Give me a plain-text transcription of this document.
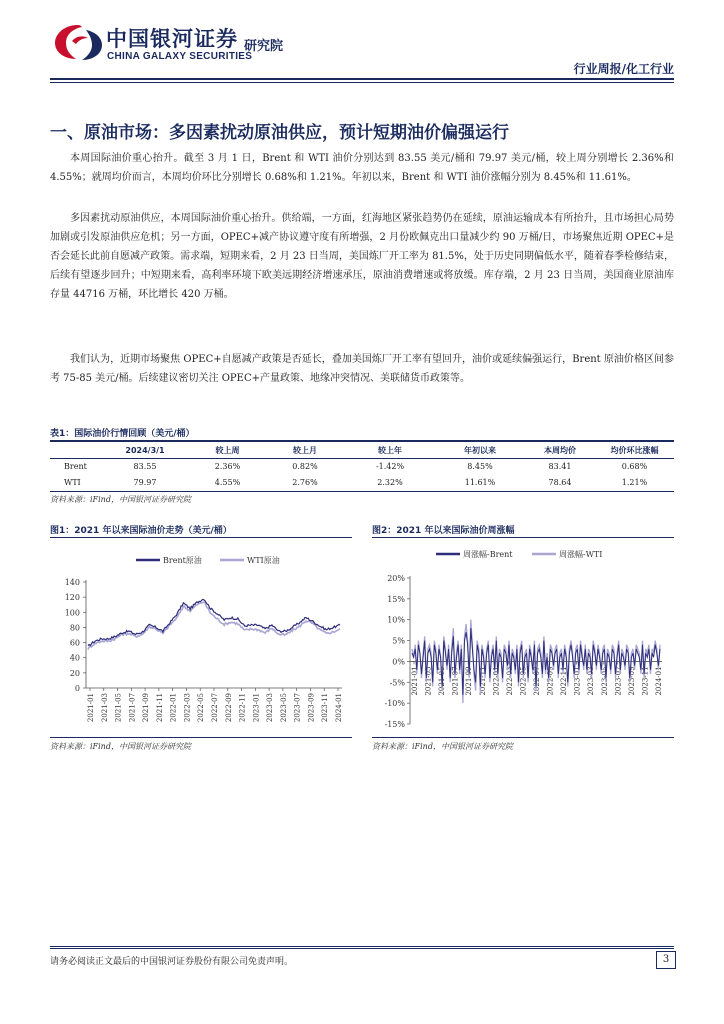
中国银河证券
CHINA GALAXY SECURITIES
研究院
行业周报/化工行业
一、原油市场：多因素扰动原油供应，预计短期油价偏强运行
本周国际油价重心抬升。截至 3 月 1 日，Brent 和 WTI 油价分别达到 83.55 美元/桶和 79.97 美元/桶，较上周分别增长 2.36%和 4.55%；就周均价而言，本周均价环比分别增长 0.68%和 1.21%。年初以来，Brent 和 WTI 油价涨幅分别为 8.45%和 11.61%。
多因素扰动原油供应，本周国际油价重心抬升。供给端，一方面，红海地区紧张趋势仍在延续，原油运输成本有所抬升，且市场担心局势加剧或引发原油供应危机；另一方面，OPEC+减产协议遵守度有所增强，2 月份欧佩克出口量减少约 90 万桶/日，市场聚焦近期 OPEC+是否会延长此前自愿减产政策。需求端，短期来看，2 月 23 日当周，美国炼厂开工率为 81.5%，处于历史同期偏低水平，随着春季检修结束，后续有望逐步回升；中短期来看，高利率环境下欧美远期经济增速承压，原油消费增速或将放缓。库存端，2 月 23 日当周，美国商业原油库存量 44716 万桶，环比增长 420 万桶。
我们认为，近期市场聚焦 OPEC+自愿减产政策是否延长，叠加美国炼厂开工率有望回升，油价或延续偏强运行，Brent 原油价格区间参考 75-85 美元/桶。后续建议密切关注 OPEC+产量政策、地缘冲突情况、美联储货币政策等。
表1：国际油价行情回顾（美元/桶）
	2024/3/1	较上周	较上月	较上年	年初以来	本周均价	均价环比涨幅
Brent	83.55	2.36%	0.82%	-1.42%	8.45%	83.41	0.68%
WTI	79.97	4.55%	2.76%	2.32%	11.61%	78.64	1.21%
资料来源：iFind，中国银河证券研究院
图1：2021 年以来国际油价走势（美元/桶）
0
20
40
60
80
100
120
140
2021-01 2021-03 2021-05 2021-07 2021-09 2021-11 2022-01 2022-03 2022-05 2022-07 2022-09 2022-11 2023-01 2023-03 2023-05 2023-07 2023-09 2023-11 2024-01
Brent原油	WTI原油
资料来源：iFind，中国银河证券研究院
图2：2021 年以来国际油价周涨幅
-15%
-10%
-5%
0%
5%
10%
15%
20%
2021-01 2021-03 2021-05 2021-07 2021-09 2021-11 2022-01 2022-03 2022-05 2022-07 2022-09 2022-11 2023-01 2023-03 2023-05 2023-07 2023-09 2023-11 2024-01
周涨幅-Brent	周涨幅-WTI
资料来源：iFind，中国银河证券研究院
请务必阅读正文最后的中国银河证券股份有限公司免责声明。	3
